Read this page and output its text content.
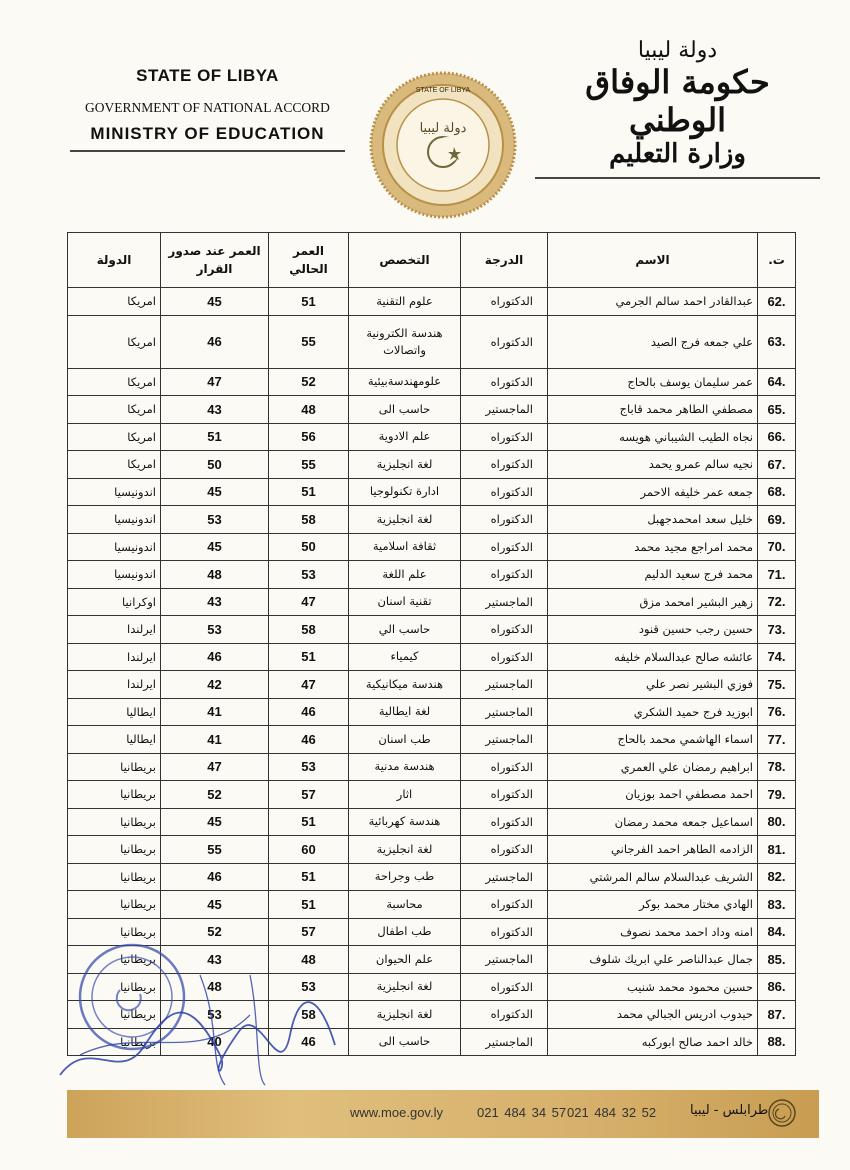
STATE OF LIBYA
GOVERNMENT OF NATIONAL ACCORD
MINISTRY OF EDUCATION	دولة ليبيا
STATE OF LIBYA
دولة ليبيا
حكومة الوفاق الوطني
وزارة التعليم
ت.	الاسم	الدرجة	التخصص	العمر الحالي	العمر عند صدور القرار	الدولة
62.	عبدالقادر احمد سالم الجرمي	الدكتوراه	علوم التقنية	51	45	امريكا
63.	علي جمعه فرج الصيد	الدكتوراه	هندسة الكترونية واتصالات	55	46	امريكا
64.	عمر سليمان يوسف بالحاج	الدكتوراه	علومهندسةبيئية	52	47	امريكا
65.	مصطفي الطاهر محمد قاباج	الماجستير	حاسب الى	48	43	امريكا
66.	نجاه الطيب الشيباني هويسه	الدكتوراه	علم الادوية	56	51	امريكا
67.	نجيه سالم عمرو يحمد	الدكتوراه	لغة انجليزية	55	50	امريكا
68.	جمعه عمر خليفه الاحمر	الدكتوراه	ادارة تكنولوجيا	51	45	اندونيسيا
69.	خليل سعد امحمدجهبل	الدكتوراه	لغة انجليزية	58	53	اندونيسيا
70.	محمد امراجع مجيد محمد	الدكتوراه	ثقافة اسلامية	50	45	اندونيسيا
71.	محمد فرج سعيد الدليم	الدكتوراه	علم اللغة	53	48	اندونيسيا
72.	زهير البشير امحمد مزق	الماجستير	تقنية اسنان	47	43	اوكرانيا
73.	حسين رجب حسين قنود	الدكتوراه	حاسب الي	58	53	ايرلندا
74.	عائشه صالح عبدالسلام خليفه	الدكتوراه	كيمياء	51	46	ايرلندا
75.	فوزي البشير نصر علي	الماجستير	هندسة ميكانيكية	47	42	ايرلندا
76.	ابوزيد فرج حميد الشكري	الماجستير	لغة ايطالية	46	41	ايطاليا
77.	اسماء الهاشمي محمد بالحاج	الماجستير	طب اسنان	46	41	ايطاليا
78.	ابراهيم رمضان علي العمري	الدكتوراه	هندسة مدنية	53	47	بريطانيا
79.	احمد مصطفي احمد بوزيان	الدكتوراه	اثار	57	52	بريطانيا
80.	اسماعيل جمعه محمد رمضان	الدكتوراه	هندسة كهربائية	51	45	بريطانيا
81.	الزادمه الطاهر احمد الفرجاني	الدكتوراه	لغة انجليزية	60	55	بريطانيا
82.	الشريف عبدالسلام سالم المرشتي	الماجستير	طب وجراحة	51	46	بريطانيا
83.	الهادي مختار محمد بوكر	الدكتوراه	محاسبة	51	45	بريطانيا
84.	امنه وداد احمد محمد نصوف	الدكتوراه	طب اطفال	57	52	بريطانيا
85.	جمال عبدالناصر علي ابريك شلوف	الماجستير	علم الحيوان	48	43	بريطانيا
86.	حسين محمود محمد شنيب	الدكتوراه	لغة انجليزية	53	48	بريطانيا
87.	حيدوب ادريس الجبالي محمد	الدكتوراه	لغة انجليزية	58	53	بريطانيا
88.	خالد احمد صالح ابوركبه	الماجستير	حاسب الى	46	40	بريطانيا
www.moe.gov.ly	021 484 34 57 021 484 32 52	طرابلس - ليبيا
